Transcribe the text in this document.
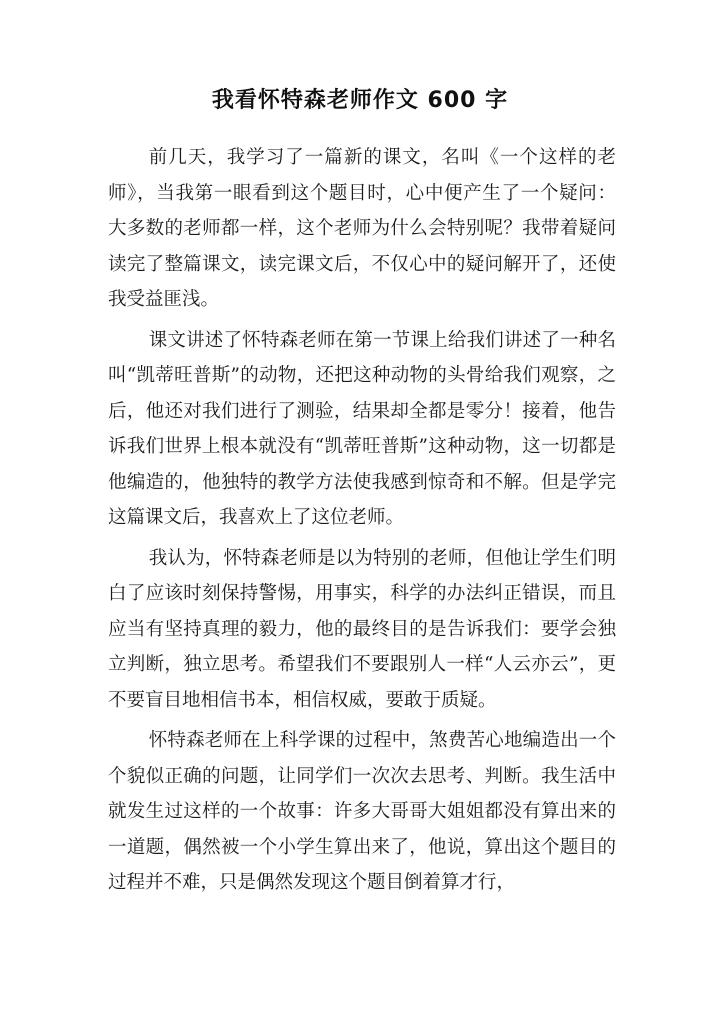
我看怀特森老师作文 600 字

前几天，我学习了一篇新的课文，名叫《一个这样的老师》，当我第一眼看到这个题目时，心中便产生了一个疑问：大多数的老师都一样，这个老师为什么会特别呢？我带着疑问读完了整篇课文，读完课文后，不仅心中的疑问解开了，还使我受益匪浅。

课文讲述了怀特森老师在第一节课上给我们讲述了一种名叫“凯蒂旺普斯”的动物，还把这种动物的头骨给我们观察，之后，他还对我们进行了测验，结果却全都是零分！接着，他告诉我们世界上根本就没有“凯蒂旺普斯”这种动物，这一切都是他编造的，他独特的教学方法使我感到惊奇和不解。但是学完这篇课文后，我喜欢上了这位老师。

我认为，怀特森老师是以为特别的老师，但他让学生们明白了应该时刻保持警惕，用事实，科学的办法纠正错误，而且应当有坚持真理的毅力，他的最终目的是告诉我们：要学会独立判断，独立思考。希望我们不要跟别人一样“人云亦云”，更不要盲目地相信书本，相信权威，要敢于质疑。

怀特森老师在上科学课的过程中，煞费苦心地编造出一个个貌似正确的问题，让同学们一次次去思考、判断。我生活中就发生过这样的一个故事：许多大哥哥大姐姐都没有算出来的一道题，偶然被一个小学生算出来了，他说，算出这个题目的过程并不难，只是偶然发现这个题目倒着算才行，
